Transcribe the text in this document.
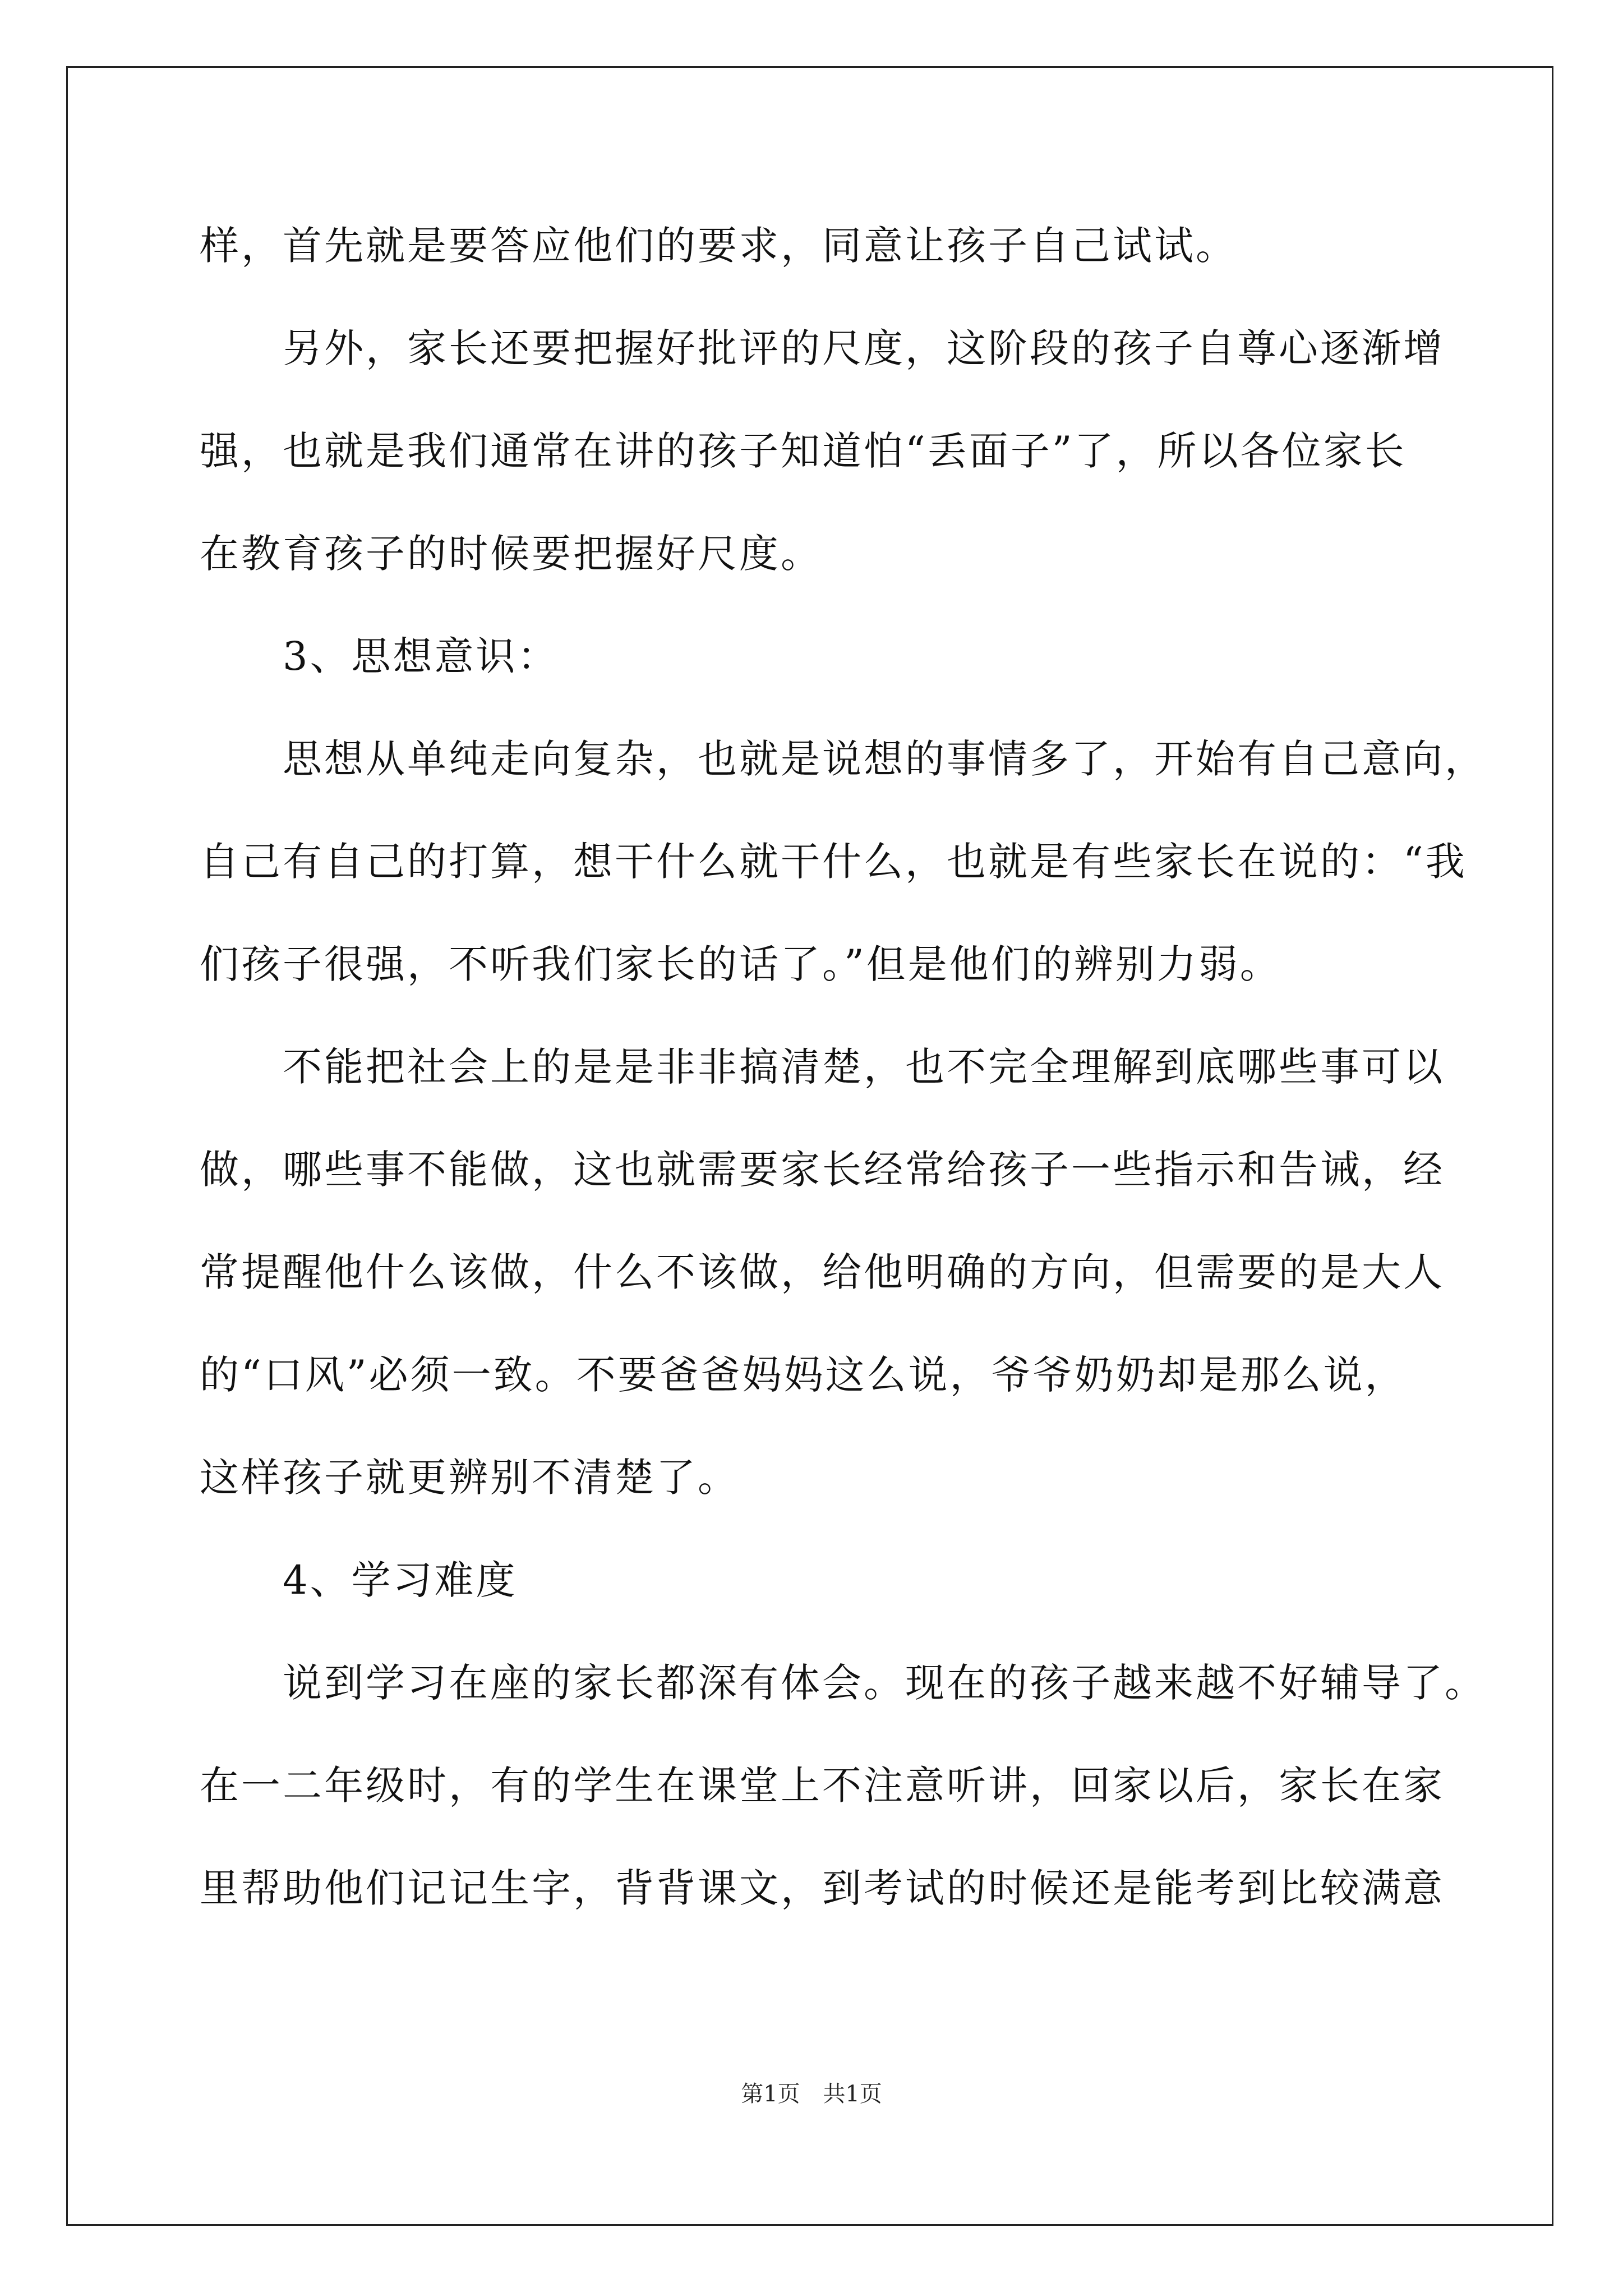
样，首先就是要答应他们的要求，同意让孩子自己试试。
另外，家长还要把握好批评的尺度，这阶段的孩子自尊心逐渐增
强，也就是我们通常在讲的孩子知道怕“丢面子”了，所以各位家长
在教育孩子的时候要把握好尺度。
3、思想意识：
思想从单纯走向复杂，也就是说想的事情多了，开始有自己意向，
自己有自己的打算，想干什么就干什么，也就是有些家长在说的：“我
们孩子很强，不听我们家长的话了。”但是他们的辨别力弱。
不能把社会上的是是非非搞清楚，也不完全理解到底哪些事可以
做，哪些事不能做，这也就需要家长经常给孩子一些指示和告诫，经
常提醒他什么该做，什么不该做，给他明确的方向，但需要的是大人
的“口风”必须一致。不要爸爸妈妈这么说，爷爷奶奶却是那么说，
这样孩子就更辨别不清楚了。
4、学习难度
说到学习在座的家长都深有体会。现在的孩子越来越不好辅导了。
在一二年级时，有的学生在课堂上不注意听讲，回家以后，家长在家
里帮助他们记记生字，背背课文，到考试的时候还是能考到比较满意
第1页 共1页
